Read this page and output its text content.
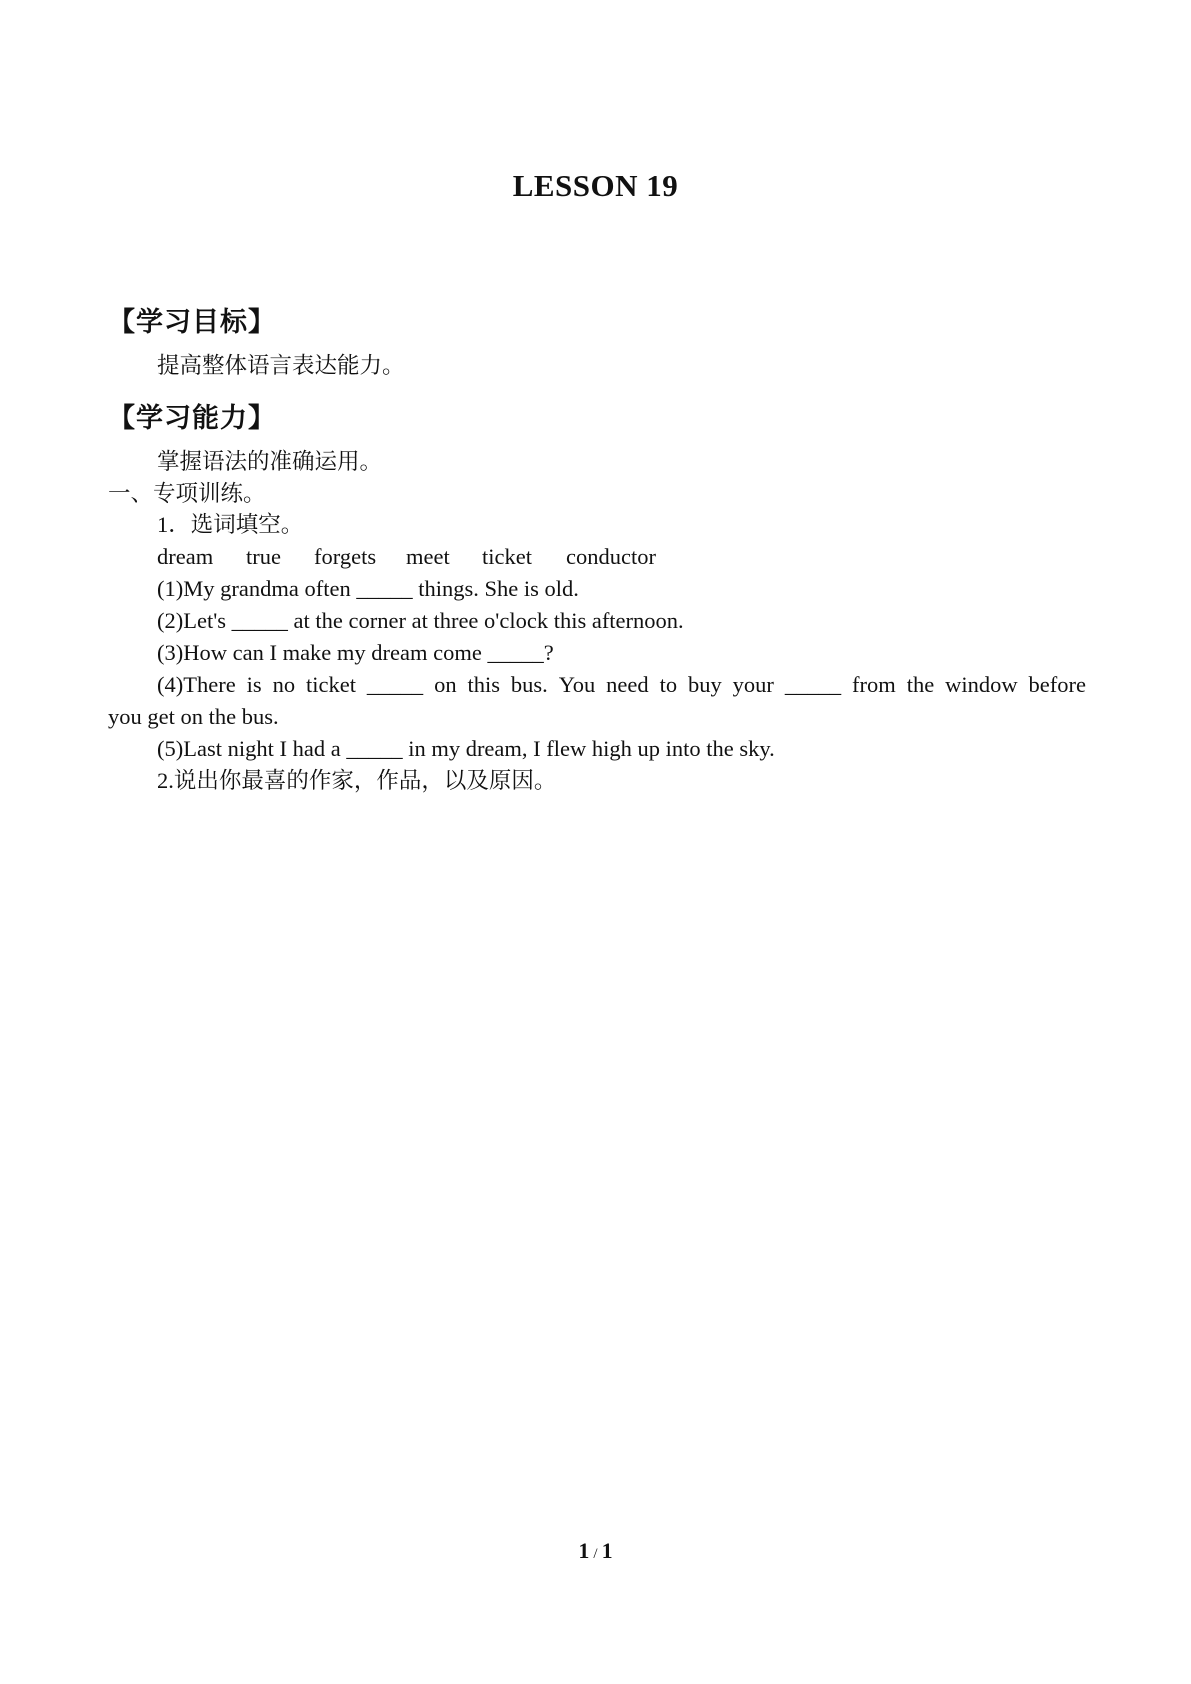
LESSON 19
【学习目标】
提高整体语言表达能力。
【学习能力】
掌握语法的准确运用。
一、专项训练。
1．选词填空。
dream true forgets meet ticket conductor
(1)My grandma often _____ things. She is old.
(2)Let's _____ at the corner at three o'clock this afternoon.
(3)How can I make my dream come _____?
(4)There is no ticket _____ on this bus. You need to buy your _____ from the window before
you get on the bus.
(5)Last night I had a _____ in my dream, I flew high up into the sky.
2.说出你最喜的作家，作品，以及原因。
1 / 1
